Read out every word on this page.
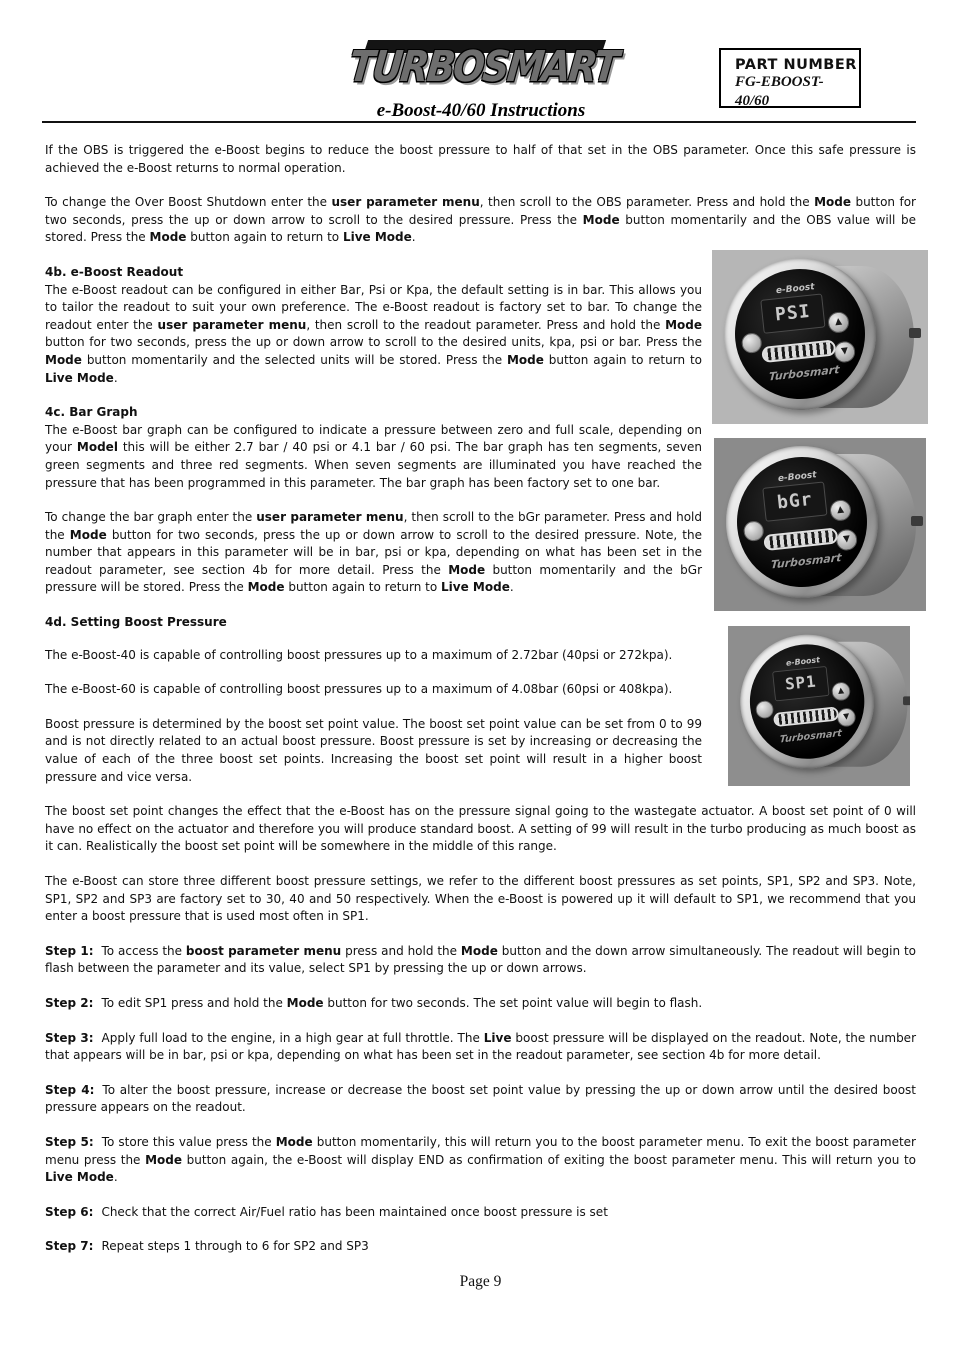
TURBOSMART
e-Boost-40/60 Instructions
PART NUMBER
FG-EBOOST-
40/60

If the OBS is triggered the e-Boost begins to reduce the boost pressure to half of that set in the OBS parameter. Once this safe pressure is achieved the e-Boost returns to normal operation.

To change the Over Boost Shutdown enter the user parameter menu, then scroll to the OBS parameter. Press and hold the Mode button for two seconds, press the up or down arrow to scroll to the desired pressure. Press the Mode button momentarily and the OBS value will be stored. Press the Mode button again to return to Live Mode.

e-Boost
PSI	▲
▼
Turbosmart
e-Boost
bGr	▲
▼
Turbosmart
e-Boost
SP1	▲
▼
Turbosmart

4b. e-Boost Readout

The e-Boost readout can be configured in either Bar, Psi or Kpa, the default setting is in bar. This allows you to tailor the readout to suit your own preference. The e-Boost readout is factory set to bar. To change the readout enter the user parameter menu, then scroll to the readout parameter. Press and hold the Mode button for two seconds, press the up or down arrow to scroll to the desired units, kpa, psi or bar. Press the Mode button momentarily and the selected units will be stored. Press the Mode button again to return to Live Mode.

4c. Bar Graph

The e-Boost bar graph can be configured to indicate a pressure between zero and full scale, depending on your Model this will be either 2.7 bar / 40 psi or 4.1 bar / 60 psi. The bar graph has ten segments, seven green segments and three red segments. When seven segments are illuminated you have reached the pressure that has been programmed in this parameter. The bar graph has been factory set to one bar.

To change the bar graph enter the user parameter menu, then scroll to the bGr parameter. Press and hold the Mode button for two seconds, press the up or down arrow to scroll to the desired pressure. Note, the number that appears in this parameter will be in bar, psi or kpa, depending on what has been set in the readout parameter, see section 4b for more detail. Press the Mode button momentarily and the bGr pressure will be stored. Press the Mode button again to return to Live Mode.

4d. Setting Boost Pressure

The e-Boost-40 is capable of controlling boost pressures up to a maximum of 2.72bar (40psi or 272kpa).

The e-Boost-60 is capable of controlling boost pressures up to a maximum of 4.08bar (60psi or 408kpa).

Boost pressure is determined by the boost set point value. The boost set point value can be set from 0 to 99 and is not directly related to an actual boost pressure. Boost pressure is set by increasing or decreasing the value of each of the three boost set points. Increasing the boost set point will result in a higher boost pressure and vice versa.

The boost set point changes the effect that the e-Boost has on the pressure signal going to the wastegate actuator. A boost set point of 0 will have no effect on the actuator and therefore you will produce standard boost. A setting of 99 will result in the turbo producing as much boost as it can. Realistically the boost set point will be somewhere in the middle of this range.

The e-Boost can store three different boost pressure settings, we refer to the different boost pressures as set points, SP1, SP2 and SP3. Note, SP1, SP2 and SP3 are factory set to 30, 40 and 50 respectively. When the e-Boost is powered up it will default to SP1, we recommend that you enter a boost pressure that is used most often in SP1.

Step 1: To access the boost parameter menu press and hold the Mode button and the down arrow simultaneously. The readout will begin to flash between the parameter and its value, select SP1 by pressing the up or down arrows.

Step 2: To edit SP1 press and hold the Mode button for two seconds. The set point value will begin to flash.

Step 3: Apply full load to the engine, in a high gear at full throttle. The Live boost pressure will be displayed on the readout. Note, the number that appears will be in bar, psi or kpa, depending on what has been set in the readout parameter, see section 4b for more detail.

Step 4: To alter the boost pressure, increase or decrease the boost set point value by pressing the up or down arrow until the desired boost pressure appears on the readout.

Step 5: To store this value press the Mode button momentarily, this will return you to the boost parameter menu. To exit the boost parameter menu press the Mode button again, the e-Boost will display END as confirmation of exiting the boost parameter menu. This will return you to Live Mode.

Step 6: Check that the correct Air/Fuel ratio has been maintained once boost pressure is set

Step 7: Repeat steps 1 through to 6 for SP2 and SP3

Page 9
